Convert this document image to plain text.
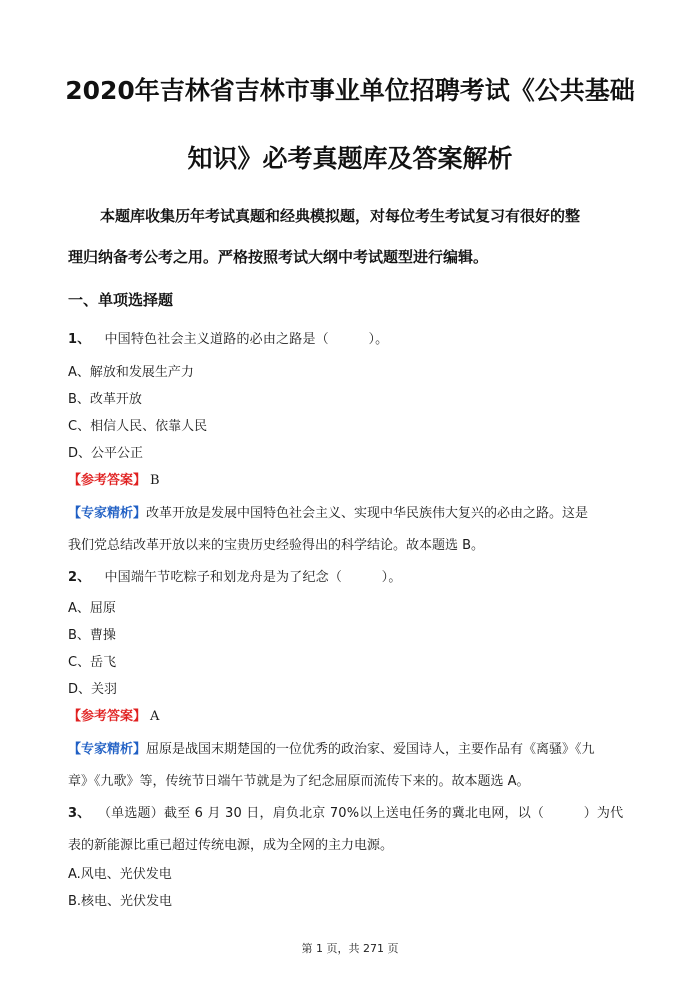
2020年吉林省吉林市事业单位招聘考试《公共基础
知识》必考真题库及答案解析
本题库收集历年考试真题和经典模拟题，对每位考生考试复习有很好的整
理归纳备考公考之用。严格按照考试大纲中考试题型进行编辑。
一、单项选择题
1、 中国特色社会主义道路的必由之路是（　　　）。
A、解放和发展生产力
B、改革开放
C、相信人民、依靠人民
D、公平公正
【参考答案】 B
【专家精析】改革开放是发展中国特色社会主义、实现中华民族伟大复兴的必由之路。这是
我们党总结改革开放以来的宝贵历史经验得出的科学结论。故本题选 B。
2、 中国端午节吃粽子和划龙舟是为了纪念（　　　）。
A、屈原
B、曹操
C、岳飞
D、关羽
【参考答案】 A
【专家精析】屈原是战国末期楚国的一位优秀的政治家、爱国诗人，主要作品有《离骚》《九
章》《九歌》等，传统节日端午节就是为了纪念屈原而流传下来的。故本题选 A。
3、 （单选题）截至 6 月 30 日，肩负北京 70%以上送电任务的冀北电网，以（　　　）为代
表的新能源比重已超过传统电源，成为全网的主力电源。
A.风电、光伏发电
B.核电、光伏发电
第 1 页，共 271 页
